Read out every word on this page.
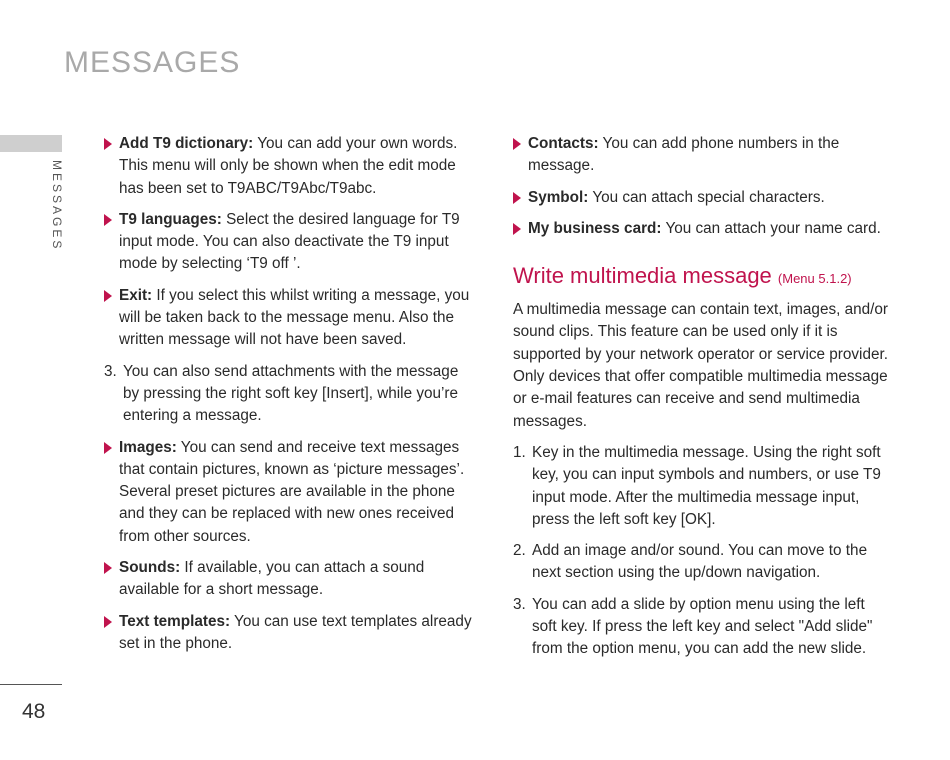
MESSAGES
MESSAGES
Add T9 dictionary: You can add your own words. This menu will only be shown when the edit mode has been set to T9ABC/T9Abc/T9abc.
T9 languages: Select the desired language for T9 input mode. You can also deactivate the T9 input mode by selecting ‘T9 off ’.
Exit: If you select this whilst writing a message, you will be taken back to the message menu. Also the written message will not have been saved.
3. You can also send attachments with the message by pressing the right soft key [Insert], while you’re entering a message.
Images: You can send and receive text messages that contain pictures, known as ‘picture messages’. Several preset pictures are available in the phone and they can be replaced with new ones received from other sources.
Sounds: If available, you can attach a sound available for a short message.
Text templates: You can use text templates already set in the phone.
Contacts: You can add phone numbers in the message.
Symbol: You can attach special characters.
My business card: You can attach your name card.
Write multimedia message (Menu 5.1.2)

A multimedia message can contain text, images, and/or sound clips. This feature can be used only if it is supported by your network operator or service provider. Only devices that offer compatible multimedia message or e-mail features can receive and send multimedia messages.

1. Key in the multimedia message. Using the right soft key, you can input symbols and numbers, or use T9 input mode. After the multimedia message input, press the left soft key [OK].
2. Add an image and/or sound. You can move to the next section using the up/down navigation.
3. You can add a slide by option menu using the left soft key. If press the left key and select "Add slide" from the option menu, you can add the new slide.
48
